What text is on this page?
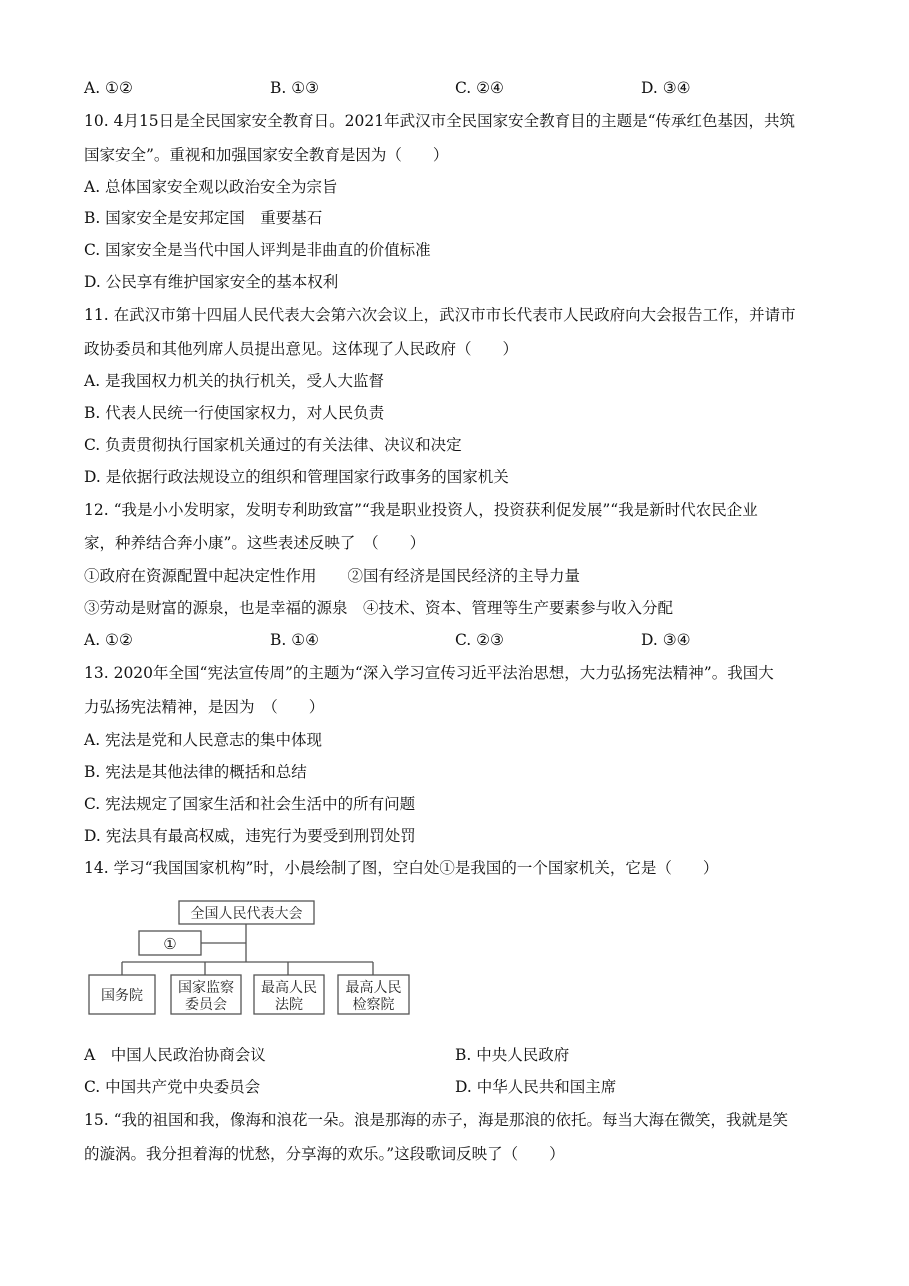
A. ①②	B. ①③	C. ②④	D. ③④
10. 4月15日是全民国家安全教育日。2021年武汉市全民国家安全教育目的主题是“传承红色基因，共筑
国家安全”。重视和加强国家安全教育是因为（　　）
A. 总体国家安全观以政治安全为宗旨
B. 国家安全是安邦定国　重要基石
C. 国家安全是当代中国人评判是非曲直的价值标准
D. 公民享有维护国家安全的基本权利
11. 在武汉市第十四届人民代表大会第六次会议上，武汉市市长代表市人民政府向大会报告工作，并请市
政协委员和其他列席人员提出意见。这体现了人民政府（　　）
A. 是我国权力机关的执行机关，受人大监督
B. 代表人民统一行使国家权力，对人民负责
C. 负责贯彻执行国家机关通过的有关法律、决议和决定
D. 是依据行政法规设立的组织和管理国家行政事务的国家机关
12. “我是小小发明家，发明专利助致富”“我是职业投资人，投资获利促发展”“我是新时代农民企业
家，种养结合奔小康”。这些表述反映了　（　　）
①政府在资源配置中起决定性作用　　②国有经济是国民经济的主导力量
③劳动是财富的源泉，也是幸福的源泉　④技术、资本、管理等生产要素参与收入分配
A. ①②	B. ①④	C. ②③	D. ③④
13. 2020年全国“宪法宣传周”的主题为“深入学习宣传习近平法治思想，大力弘扬宪法精神”。我国大
力弘扬宪法精神，是因为　（　　）
A. 宪法是党和人民意志的集中体现
B. 宪法是其他法律的概括和总结
C. 宪法规定了国家生活和社会生活中的所有问题
D. 宪法具有最高权威，违宪行为要受到刑罚处罚
14. 学习“我国国家机构”时，小晨绘制了图，空白处①是我国的一个国家机关，它是（　　）
全国人民代表大会
①
国务院	国家监察
委员会
最高人民
法院
最高人民
检察院
A　中国人民政治协商会议	B. 中央人民政府
C. 中国共产党中央委员会	D. 中华人民共和国主席
15. “我的祖国和我，像海和浪花一朵。浪是那海的赤子，海是那浪的依托。每当大海在微笑，我就是笑
的漩涡。我分担着海的忧愁，分享海的欢乐。”这段歌词反映了（　　）
